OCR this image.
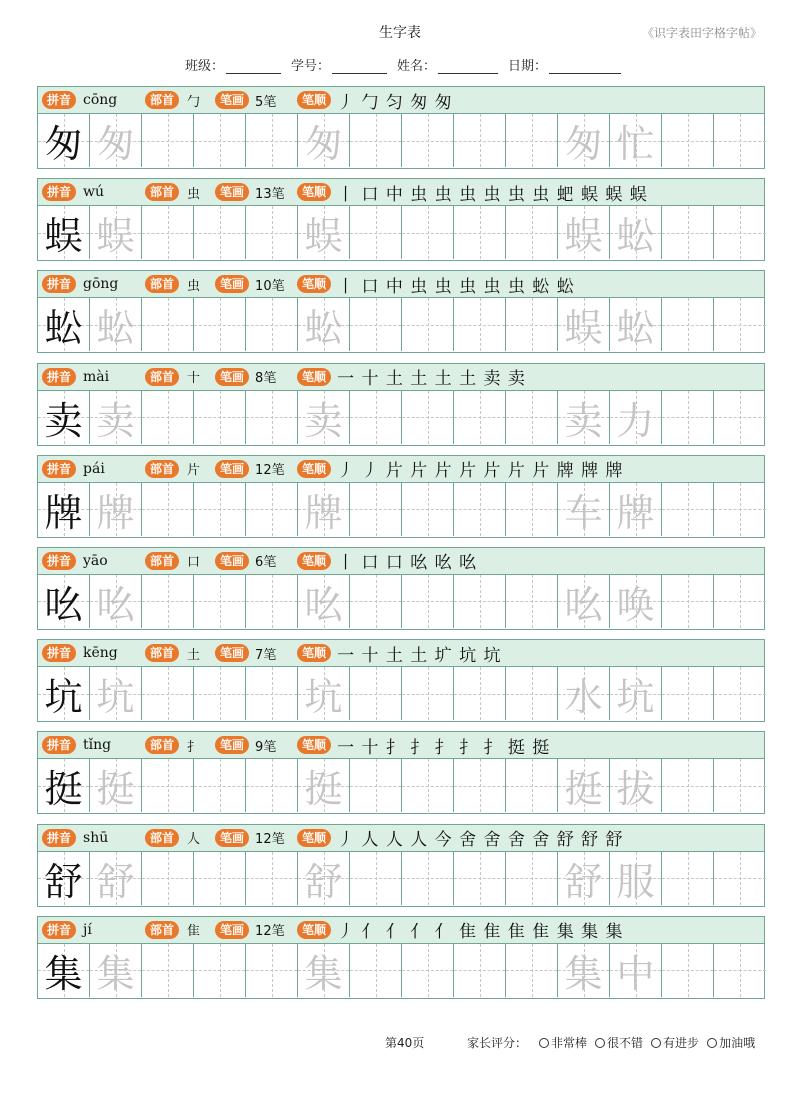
生字表	《识字表田字格字帖》
班级：	学号：	姓名：	日期：
拼音 cōng	部首	勹	笔画 5笔	笔顺 丿 勹 匀 匆 匆
匆 匆	匆	匆 忙
拼音 wú	部首	虫	笔画 13笔	笔顺 丨 口 中 虫 虫 虫 虫 虫 虫 蚆 蜈 蜈 蜈
蜈 蜈	蜈	蜈 蚣
拼音 gōng	部首	虫	笔画 10笔	笔顺 丨 口 中 虫 虫 虫 虫 虫 蚣 蚣
蚣 蚣	蚣	蜈 蚣
拼音 mài	部首	十	笔画 8笔	笔顺 一 十 土 土 土 土 卖 卖
卖 卖	卖	卖 力
拼音 pái	部首	片	笔画 12笔	笔顺 丿 丿 片 片 片 片 片 片 片 牌 牌 牌
牌 牌	牌	车 牌
拼音 yāo	部首	口	笔画 6笔	笔顺 丨 口 口 吆 吆 吆
吆 吆	吆	吆 唤
拼音 kēng	部首	土	笔画 7笔	笔顺 一 十 土 土 圹 坑 坑
坑 坑	坑	水 坑
拼音 tǐng	部首	扌	笔画 9笔	笔顺 一 十 扌 扌 扌 扌 扌 挺 挺
挺 挺	挺	挺 拔
拼音 shū	部首	人	笔画 12笔	笔顺 丿 人 人 人 今 舍 舍 舍 舍 舒 舒 舒
舒 舒	舒	舒 服
拼音 jí	部首	隹	笔画 12笔	笔顺 丿 亻 亻 亻 亻 隹 隹 隹 隹 集 集 集
集 集	集	集 中
第40页	家长评分： 非常棒 很不错 有进步 加油哦
